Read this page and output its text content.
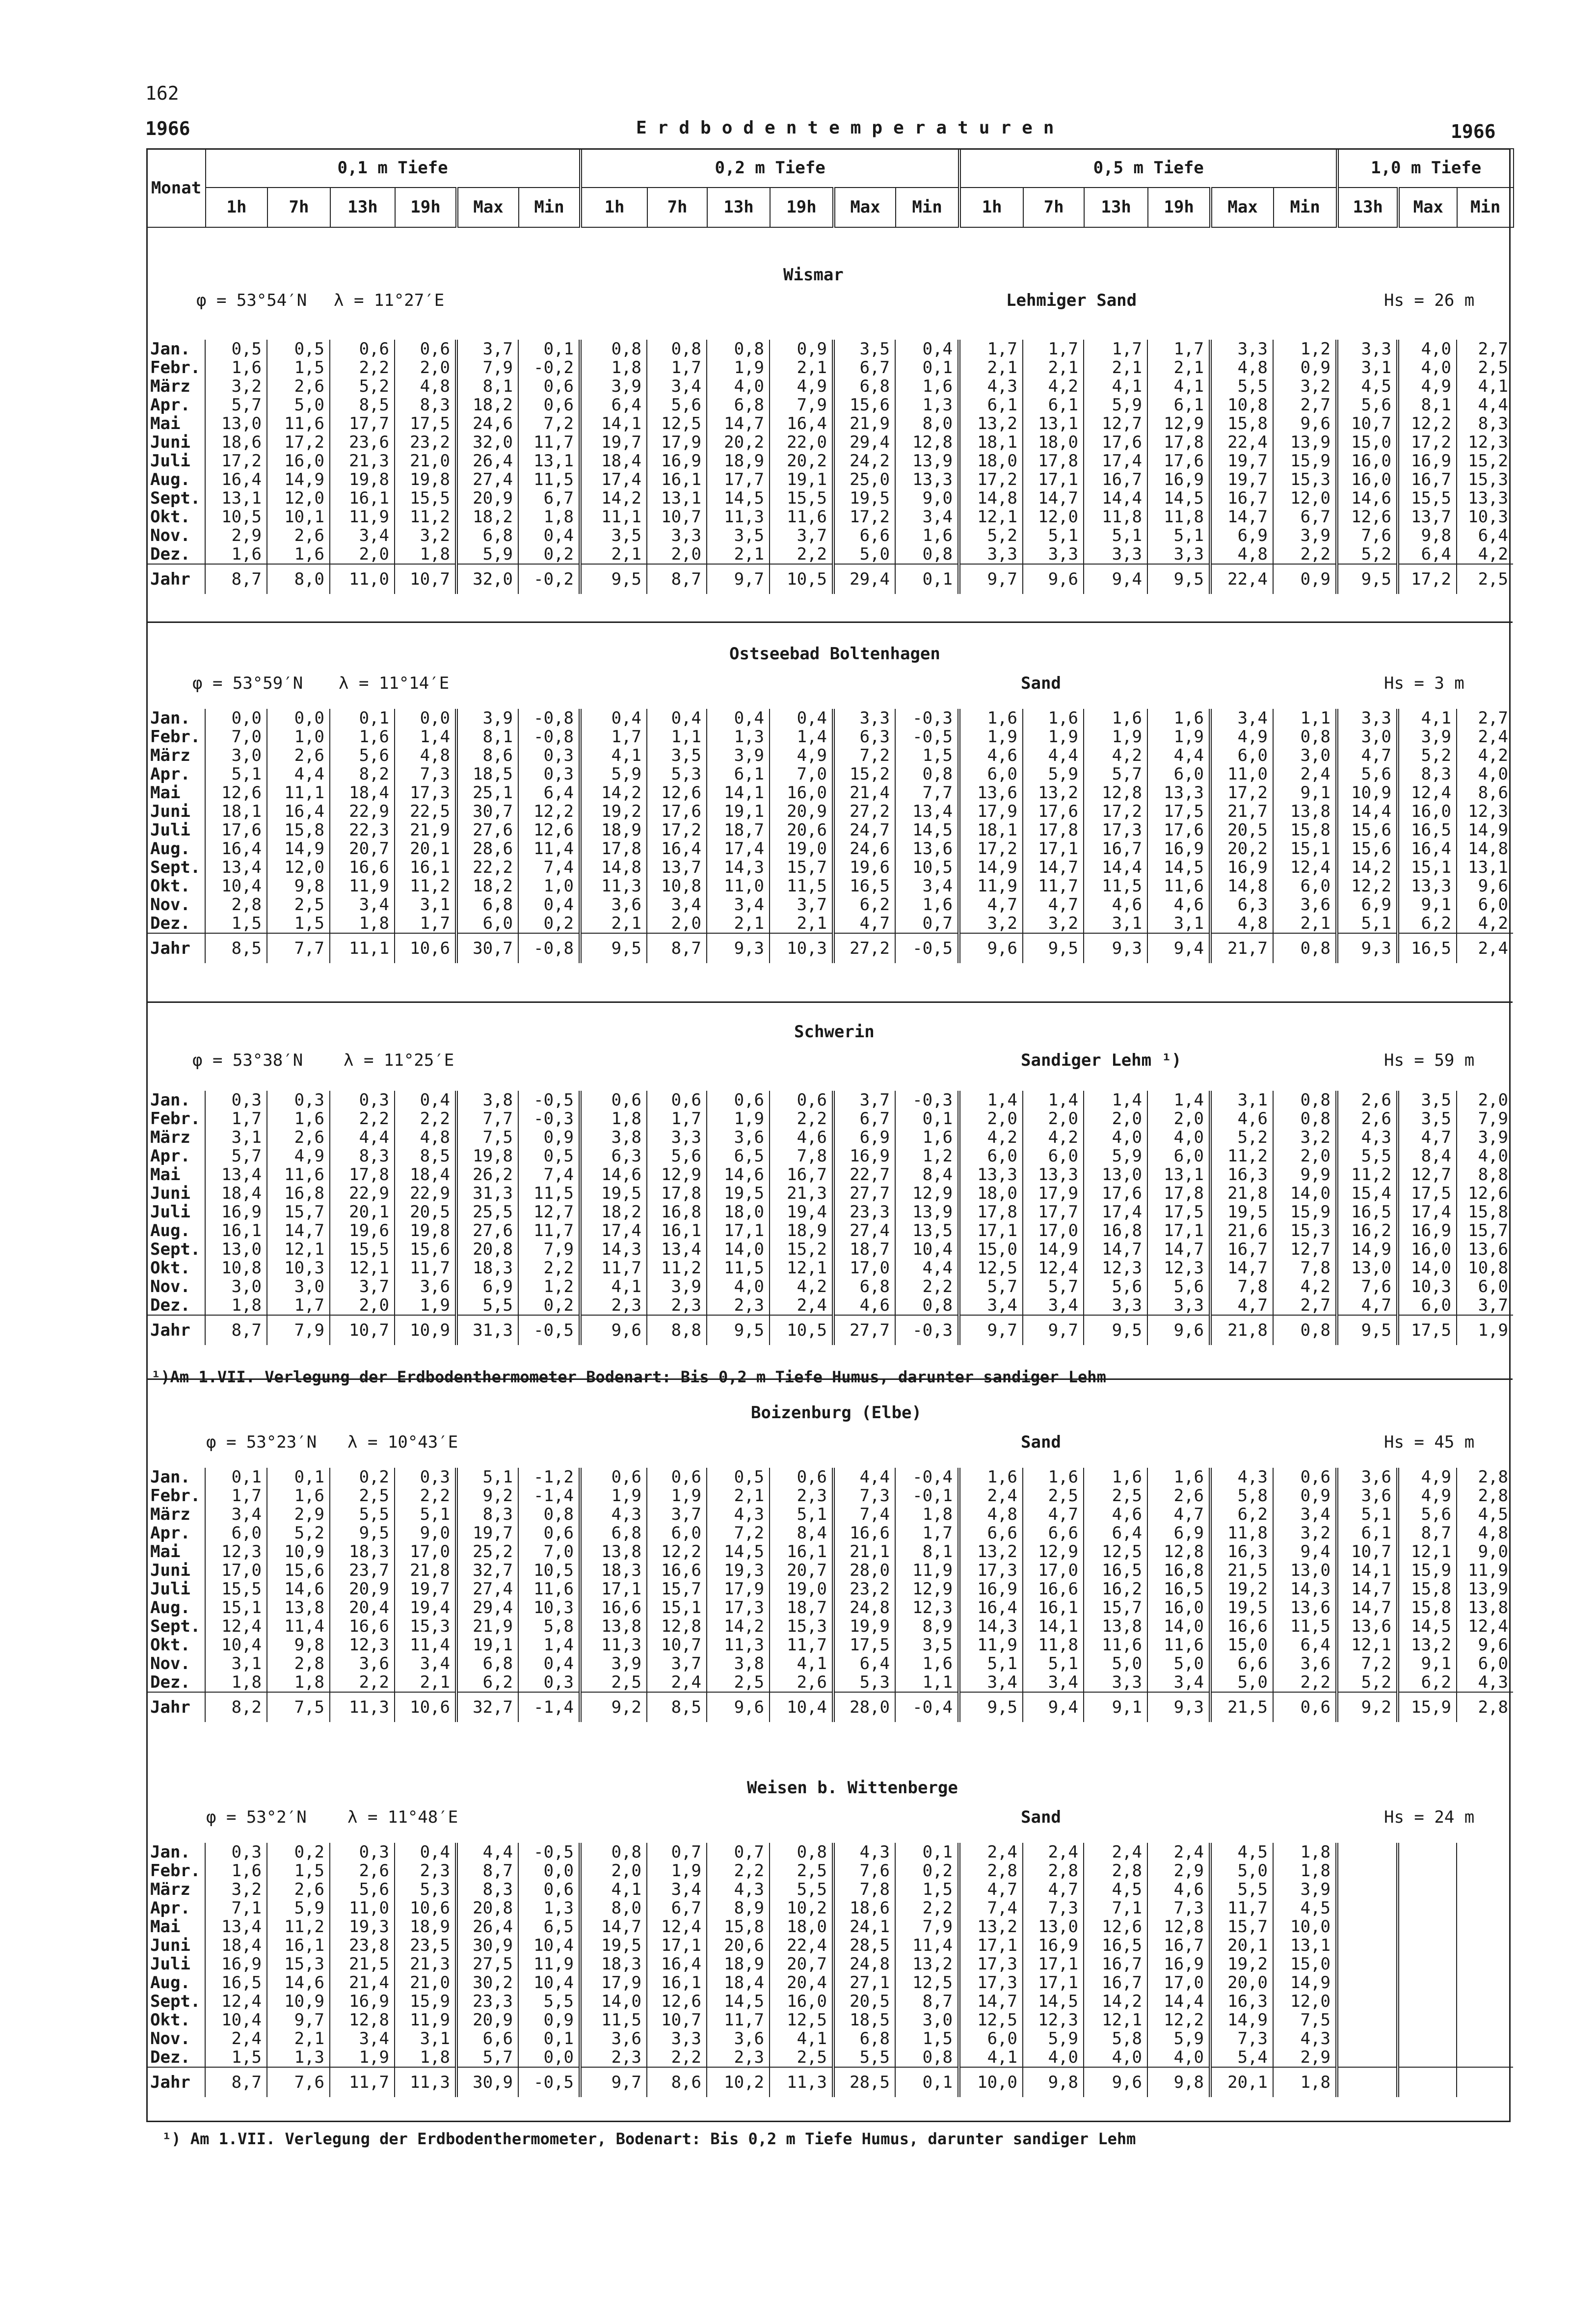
162
1966	Erdbodentemperaturen	1966
Monat	0,1 m Tiefe						0,2 m Tiefe						0,5 m Tiefe						1,0 m Tiefe		
	1h	7h	13h	19h	Max	Min	1h	7h	13h	19h	Max	Min	1h	7h	13h	19h	Max	Min	13h	Max	Min
Wismar
φ = 53°54′N λ = 11°27′E	Lehmiger Sand	Hs = 26 m
Jan.	0,5	0,5	0,6	0,6	3,7	0,1	0,8	0,8	0,8	0,9	3,5	0,4	1,7	1,7	1,7	1,7	3,3	1,2	3,3	4,0	2,7
Febr.	1,6	1,5	2,2	2,0	7,9	-0,2	1,8	1,7	1,9	2,1	6,7	0,1	2,1	2,1	2,1	2,1	4,8	0,9	3,1	4,0	2,5
März	3,2	2,6	5,2	4,8	8,1	0,6	3,9	3,4	4,0	4,9	6,8	1,6	4,3	4,2	4,1	4,1	5,5	3,2	4,5	4,9	4,1
Apr.	5,7	5,0	8,5	8,3	18,2	0,6	6,4	5,6	6,8	7,9	15,6	1,3	6,1	6,1	5,9	6,1	10,8	2,7	5,6	8,1	4,4
Mai	13,0	11,6	17,7	17,5	24,6	7,2	14,1	12,5	14,7	16,4	21,9	8,0	13,2	13,1	12,7	12,9	15,8	9,6	10,7	12,2	8,3
Juni	18,6	17,2	23,6	23,2	32,0	11,7	19,7	17,9	20,2	22,0	29,4	12,8	18,1	18,0	17,6	17,8	22,4	13,9	15,0	17,2	12,3
Juli	17,2	16,0	21,3	21,0	26,4	13,1	18,4	16,9	18,9	20,2	24,2	13,9	18,0	17,8	17,4	17,6	19,7	15,9	16,0	16,9	15,2
Aug.	16,4	14,9	19,8	19,8	27,4	11,5	17,4	16,1	17,7	19,1	25,0	13,3	17,2	17,1	16,7	16,9	19,7	15,3	16,0	16,7	15,3
Sept.	13,1	12,0	16,1	15,5	20,9	6,7	14,2	13,1	14,5	15,5	19,5	9,0	14,8	14,7	14,4	14,5	16,7	12,0	14,6	15,5	13,3
Okt.	10,5	10,1	11,9	11,2	18,2	1,8	11,1	10,7	11,3	11,6	17,2	3,4	12,1	12,0	11,8	11,8	14,7	6,7	12,6	13,7	10,3
Nov.	2,9	2,6	3,4	3,2	6,8	0,4	3,5	3,3	3,5	3,7	6,6	1,6	5,2	5,1	5,1	5,1	6,9	3,9	7,6	9,8	6,4
Dez.	1,6	1,6	2,0	1,8	5,9	0,2	2,1	2,0	2,1	2,2	5,0	0,8	3,3	3,3	3,3	3,3	4,8	2,2	5,2	6,4	4,2
Jahr	8,7	8,0	11,0	10,7	32,0	-0,2	9,5	8,7	9,7	10,5	29,4	0,1	9,7	9,6	9,4	9,5	22,4	0,9	9,5	17,2	2,5
Ostseebad Boltenhagen
φ = 53°59′N λ = 11°14′E	Sand	Hs = 3 m
Jan.	0,0	0,0	0,1	0,0	3,9	-0,8	0,4	0,4	0,4	0,4	3,3	-0,3	1,6	1,6	1,6	1,6	3,4	1,1	3,3	4,1	2,7
Febr.	7,0	1,0	1,6	1,4	8,1	-0,8	1,7	1,1	1,3	1,4	6,3	-0,5	1,9	1,9	1,9	1,9	4,9	0,8	3,0	3,9	2,4
März	3,0	2,6	5,6	4,8	8,6	0,3	4,1	3,5	3,9	4,9	7,2	1,5	4,6	4,4	4,2	4,4	6,0	3,0	4,7	5,2	4,2
Apr.	5,1	4,4	8,2	7,3	18,5	0,3	5,9	5,3	6,1	7,0	15,2	0,8	6,0	5,9	5,7	6,0	11,0	2,4	5,6	8,3	4,0
Mai	12,6	11,1	18,4	17,3	25,1	6,4	14,2	12,6	14,1	16,0	21,4	7,7	13,6	13,2	12,8	13,3	17,2	9,1	10,9	12,4	8,6
Juni	18,1	16,4	22,9	22,5	30,7	12,2	19,2	17,6	19,1	20,9	27,2	13,4	17,9	17,6	17,2	17,5	21,7	13,8	14,4	16,0	12,3
Juli	17,6	15,8	22,3	21,9	27,6	12,6	18,9	17,2	18,7	20,6	24,7	14,5	18,1	17,8	17,3	17,6	20,5	15,8	15,6	16,5	14,9
Aug.	16,4	14,9	20,7	20,1	28,6	11,4	17,8	16,4	17,4	19,0	24,6	13,6	17,2	17,1	16,7	16,9	20,2	15,1	15,6	16,4	14,8
Sept.	13,4	12,0	16,6	16,1	22,2	7,4	14,8	13,7	14,3	15,7	19,6	10,5	14,9	14,7	14,4	14,5	16,9	12,4	14,2	15,1	13,1
Okt.	10,4	9,8	11,9	11,2	18,2	1,0	11,3	10,8	11,0	11,5	16,5	3,4	11,9	11,7	11,5	11,6	14,8	6,0	12,2	13,3	9,6
Nov.	2,8	2,5	3,4	3,1	6,8	0,4	3,6	3,4	3,4	3,7	6,2	1,6	4,7	4,7	4,6	4,6	6,3	3,6	6,9	9,1	6,0
Dez.	1,5	1,5	1,8	1,7	6,0	0,2	2,1	2,0	2,1	2,1	4,7	0,7	3,2	3,2	3,1	3,1	4,8	2,1	5,1	6,2	4,2
Jahr	8,5	7,7	11,1	10,6	30,7	-0,8	9,5	8,7	9,3	10,3	27,2	-0,5	9,6	9,5	9,3	9,4	21,7	0,8	9,3	16,5	2,4
Schwerin
φ = 53°38′N λ = 11°25′E	Sandiger Lehm ¹)	Hs = 59 m
Jan.	0,3	0,3	0,3	0,4	3,8	-0,5	0,6	0,6	0,6	0,6	3,7	-0,3	1,4	1,4	1,4	1,4	3,1	0,8	2,6	3,5	2,0
Febr.	1,7	1,6	2,2	2,2	7,7	-0,3	1,8	1,7	1,9	2,2	6,7	0,1	2,0	2,0	2,0	2,0	4,6	0,8	2,6	3,5	7,9
März	3,1	2,6	4,4	4,8	7,5	0,9	3,8	3,3	3,6	4,6	6,9	1,6	4,2	4,2	4,0	4,0	5,2	3,2	4,3	4,7	3,9
Apr.	5,7	4,9	8,3	8,5	19,8	0,5	6,3	5,6	6,5	7,8	16,9	1,2	6,0	6,0	5,9	6,0	11,2	2,0	5,5	8,4	4,0
Mai	13,4	11,6	17,8	18,4	26,2	7,4	14,6	12,9	14,6	16,7	22,7	8,4	13,3	13,3	13,0	13,1	16,3	9,9	11,2	12,7	8,8
Juni	18,4	16,8	22,9	22,9	31,3	11,5	19,5	17,8	19,5	21,3	27,7	12,9	18,0	17,9	17,6	17,8	21,8	14,0	15,4	17,5	12,6
Juli	16,9	15,7	20,1	20,5	25,5	12,7	18,2	16,8	18,0	19,4	23,3	13,9	17,8	17,7	17,4	17,5	19,5	15,9	16,5	17,4	15,8
Aug.	16,1	14,7	19,6	19,8	27,6	11,7	17,4	16,1	17,1	18,9	27,4	13,5	17,1	17,0	16,8	17,1	21,6	15,3	16,2	16,9	15,7
Sept.	13,0	12,1	15,5	15,6	20,8	7,9	14,3	13,4	14,0	15,2	18,7	10,4	15,0	14,9	14,7	14,7	16,7	12,7	14,9	16,0	13,6
Okt.	10,8	10,3	12,1	11,7	18,3	2,2	11,7	11,2	11,5	12,1	17,0	4,4	12,5	12,4	12,3	12,3	14,7	7,8	13,0	14,0	10,8
Nov.	3,0	3,0	3,7	3,6	6,9	1,2	4,1	3,9	4,0	4,2	6,8	2,2	5,7	5,7	5,6	5,6	7,8	4,2	7,6	10,3	6,0
Dez.	1,8	1,7	2,0	1,9	5,5	0,2	2,3	2,3	2,3	2,4	4,6	0,8	3,4	3,4	3,3	3,3	4,7	2,7	4,7	6,0	3,7
Jahr	8,7	7,9	10,7	10,9	31,3	-0,5	9,6	8,8	9,5	10,5	27,7	-0,3	9,7	9,7	9,5	9,6	21,8	0,8	9,5	17,5	1,9
Boizenburg (Elbe)
φ = 53°23′N λ = 10°43′E	Sand	Hs = 45 m
Jan.	0,1	0,1	0,2	0,3	5,1	-1,2	0,6	0,6	0,5	0,6	4,4	-0,4	1,6	1,6	1,6	1,6	4,3	0,6	3,6	4,9	2,8
Febr.	1,7	1,6	2,5	2,2	9,2	-1,4	1,9	1,9	2,1	2,3	7,3	-0,1	2,4	2,5	2,5	2,6	5,8	0,9	3,6	4,9	2,8
März	3,4	2,9	5,5	5,1	8,3	0,8	4,3	3,7	4,3	5,1	7,4	1,8	4,8	4,7	4,6	4,7	6,2	3,4	5,1	5,6	4,5
Apr.	6,0	5,2	9,5	9,0	19,7	0,6	6,8	6,0	7,2	8,4	16,6	1,7	6,6	6,6	6,4	6,9	11,8	3,2	6,1	8,7	4,8
Mai	12,3	10,9	18,3	17,0	25,2	7,0	13,8	12,2	14,5	16,1	21,1	8,1	13,2	12,9	12,5	12,8	16,3	9,4	10,7	12,1	9,0
Juni	17,0	15,6	23,7	21,8	32,7	10,5	18,3	16,6	19,3	20,7	28,0	11,9	17,3	17,0	16,5	16,8	21,5	13,0	14,1	15,9	11,9
Juli	15,5	14,6	20,9	19,7	27,4	11,6	17,1	15,7	17,9	19,0	23,2	12,9	16,9	16,6	16,2	16,5	19,2	14,3	14,7	15,8	13,9
Aug.	15,1	13,8	20,4	19,4	29,4	10,3	16,6	15,1	17,3	18,7	24,8	12,3	16,4	16,1	15,7	16,0	19,5	13,6	14,7	15,8	13,8
Sept.	12,4	11,4	16,6	15,3	21,9	5,8	13,8	12,8	14,2	15,3	19,9	8,9	14,3	14,1	13,8	14,0	16,6	11,5	13,6	14,5	12,4
Okt.	10,4	9,8	12,3	11,4	19,1	1,4	11,3	10,7	11,3	11,7	17,5	3,5	11,9	11,8	11,6	11,6	15,0	6,4	12,1	13,2	9,6
Nov.	3,1	2,8	3,6	3,4	6,8	0,4	3,9	3,7	3,8	4,1	6,4	1,6	5,1	5,1	5,0	5,0	6,6	3,6	7,2	9,1	6,0
Dez.	1,8	1,8	2,2	2,1	6,2	0,3	2,5	2,4	2,5	2,6	5,3	1,1	3,4	3,4	3,3	3,4	5,0	2,2	5,2	6,2	4,3
Jahr	8,2	7,5	11,3	10,6	32,7	-1,4	9,2	8,5	9,6	10,4	28,0	-0,4	9,5	9,4	9,1	9,3	21,5	0,6	9,2	15,9	2,8
Weisen b. Wittenberge
φ = 53°2′N λ = 11°48′E	Sand	Hs = 24 m
Jan.	0,3	0,2	0,3	0,4	4,4	-0,5	0,8	0,7	0,7	0,8	4,3	0,1	2,4	2,4	2,4	2,4	4,5	1,8			
Febr.	1,6	1,5	2,6	2,3	8,7	0,0	2,0	1,9	2,2	2,5	7,6	0,2	2,8	2,8	2,8	2,9	5,0	1,8			
März	3,2	2,6	5,6	5,3	8,3	0,6	4,1	3,4	4,3	5,5	7,8	1,5	4,7	4,7	4,5	4,6	5,5	3,9			
Apr.	7,1	5,9	11,0	10,6	20,8	1,3	8,0	6,7	8,9	10,2	18,6	2,2	7,4	7,3	7,1	7,3	11,7	4,5			
Mai	13,4	11,2	19,3	18,9	26,4	6,5	14,7	12,4	15,8	18,0	24,1	7,9	13,2	13,0	12,6	12,8	15,7	10,0			
Juni	18,4	16,1	23,8	23,5	30,9	10,4	19,5	17,1	20,6	22,4	28,5	11,4	17,1	16,9	16,5	16,7	20,1	13,1			
Juli	16,9	15,3	21,5	21,3	27,5	11,9	18,3	16,4	18,9	20,7	24,8	13,2	17,3	17,1	16,7	16,9	19,2	15,0			
Aug.	16,5	14,6	21,4	21,0	30,2	10,4	17,9	16,1	18,4	20,4	27,1	12,5	17,3	17,1	16,7	17,0	20,0	14,9			
Sept.	12,4	10,9	16,9	15,9	23,3	5,5	14,0	12,6	14,5	16,0	20,5	8,7	14,7	14,5	14,2	14,4	16,3	12,0			
Okt.	10,4	9,7	12,8	11,9	20,9	0,9	11,5	10,7	11,7	12,5	18,5	3,0	12,5	12,3	12,1	12,2	14,9	7,5			
Nov.	2,4	2,1	3,4	3,1	6,6	0,1	3,6	3,3	3,6	4,1	6,8	1,5	6,0	5,9	5,8	5,9	7,3	4,3			
Dez.	1,5	1,3	1,9	1,8	5,7	0,0	2,3	2,2	2,3	2,5	5,5	0,8	4,1	4,0	4,0	4,0	5,4	2,9			
Jahr	8,7	7,6	11,7	11,3	30,9	-0,5	9,7	8,6	10,2	11,3	28,5	0,1	10,0	9,8	9,6	9,8	20,1	1,8			
¹)Am 1.VII. Verlegung der Erdbodenthermometer Bodenart: Bis 0,2 m Tiefe Humus, darunter sandiger Lehm
¹) Am 1.VII. Verlegung der Erdbodenthermometer, Bodenart: Bis 0,2 m Tiefe Humus, darunter sandiger Lehm
